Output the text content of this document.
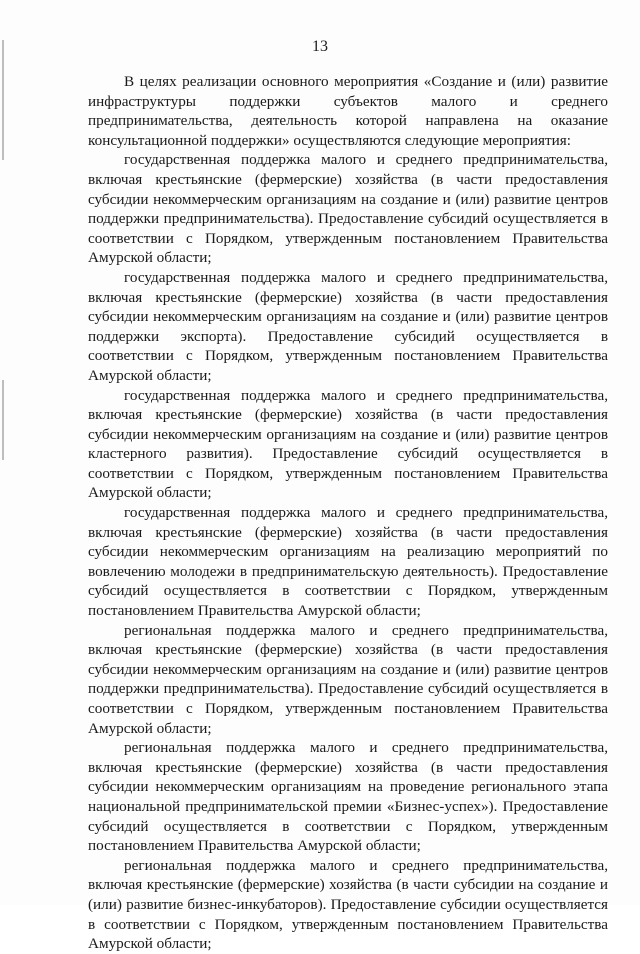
13

В целях реализации основного мероприятия «Создание и (или) развитие инфраструктуры поддержки субъектов малого и среднего предпринимательства, деятельность которой направлена на оказание консультационной поддержки» осуществляются следующие мероприятия:

государственная поддержка малого и среднего предпринимательства, включая крестьянские (фермерские) хозяйства (в части предоставления субсидии некоммерческим организациям на создание и (или) развитие центров поддержки предпринимательства). Предоставление субсидий осуществляется в соответствии с Порядком, утвержденным постановлением Правительства Амурской области;

государственная поддержка малого и среднего предпринимательства, включая крестьянские (фермерские) хозяйства (в части предоставления субсидии некоммерческим организациям на создание и (или) развитие центров поддержки экспорта). Предоставление субсидий осуществляется в соответствии с Порядком, утвержденным постановлением Правительства Амурской области;

государственная поддержка малого и среднего предпринимательства, включая крестьянские (фермерские) хозяйства (в части предоставления субсидии некоммерческим организациям на создание и (или) развитие центров кластерного развития). Предоставление субсидий осуществляется в соответствии с Порядком, утвержденным постановлением Правительства Амурской области;

государственная поддержка малого и среднего предпринимательства, включая крестьянские (фермерские) хозяйства (в части предоставления субсидии некоммерческим организациям на реализацию мероприятий по вовлечению молодежи в предпринимательскую деятельность). Предоставление субсидий осуществляется в соответствии с Порядком, утвержденным постановлением Правительства Амурской области;

региональная поддержка малого и среднего предпринимательства, включая крестьянские (фермерские) хозяйства (в части предоставления субсидии некоммерческим организациям на создание и (или) развитие центров поддержки предпринимательства). Предоставление субсидий осуществляется в соответствии с Порядком, утвержденным постановлением Правительства Амурской области;

региональная поддержка малого и среднего предпринимательства, включая крестьянские (фермерские) хозяйства (в части предоставления субсидии некоммерческим организациям на проведение регионального этапа национальной предпринимательской премии «Бизнес-успех»). Предоставление субсидий осуществляется в соответствии с Порядком, утвержденным постановлением Правительства Амурской области;

региональная поддержка малого и среднего предпринимательства, включая крестьянские (фермерские) хозяйства (в части субсидии на создание и (или) развитие бизнес-инкубаторов). Предоставление субсидии осуществляется в соответствии с Порядком, утвержденным постановлением Правительства Амурской области;
